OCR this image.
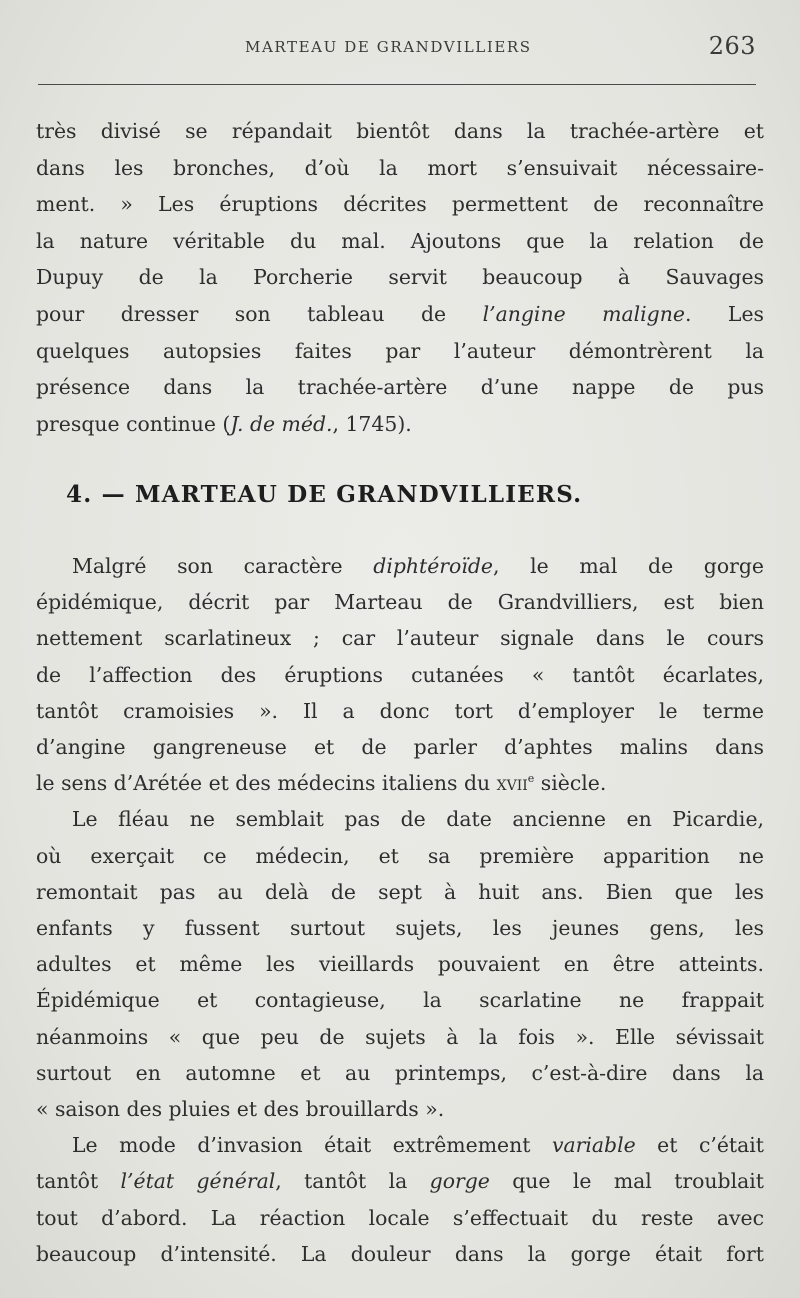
MARTEAU DE GRANDVILLIERS	263

très divisé se répandait bientôt dans la trachée-artère et
dans les bronches, d’où la mort s’ensuivait nécessaire-
ment. » Les éruptions décrites permettent de reconnaître
la nature véritable du mal. Ajoutons que la relation de
Dupuy de la Porcherie servit beaucoup à Sauvages
pour dresser son tableau de l’angine maligne. Les
quelques autopsies faites par l’auteur démontrèrent la
présence dans la trachée-artère d’une nappe de pus
presque continue (J. de méd., 1745).

4. — MARTEAU DE GRANDVILLIERS.

Malgré son caractère diphtéroïde, le mal de gorge
épidémique, décrit par Marteau de Grandvilliers, est bien
nettement scarlatineux ; car l’auteur signale dans le cours
de l’affection des éruptions cutanées « tantôt écarlates,
tantôt cramoisies ». Il a donc tort d’employer le terme
d’angine gangreneuse et de parler d’aphtes malins dans
le sens d’Arétée et des médecins italiens du xvii$^e$ siècle.

Le fléau ne semblait pas de date ancienne en Picardie,
où exerçait ce médecin, et sa première apparition ne
remontait pas au delà de sept à huit ans. Bien que les
enfants y fussent surtout sujets, les jeunes gens, les
adultes et même les vieillards pouvaient en être atteints.
Épidémique et contagieuse, la scarlatine ne frappait
néanmoins « que peu de sujets à la fois ». Elle sévissait
surtout en automne et au printemps, c’est-à-dire dans la
« saison des pluies et des brouillards ».

Le mode d’invasion était extrêmement variable et c’était
tantôt l’état général, tantôt la gorge que le mal troublait
tout d’abord. La réaction locale s’effectuait du reste avec
beaucoup d’intensité. La douleur dans la gorge était fort
